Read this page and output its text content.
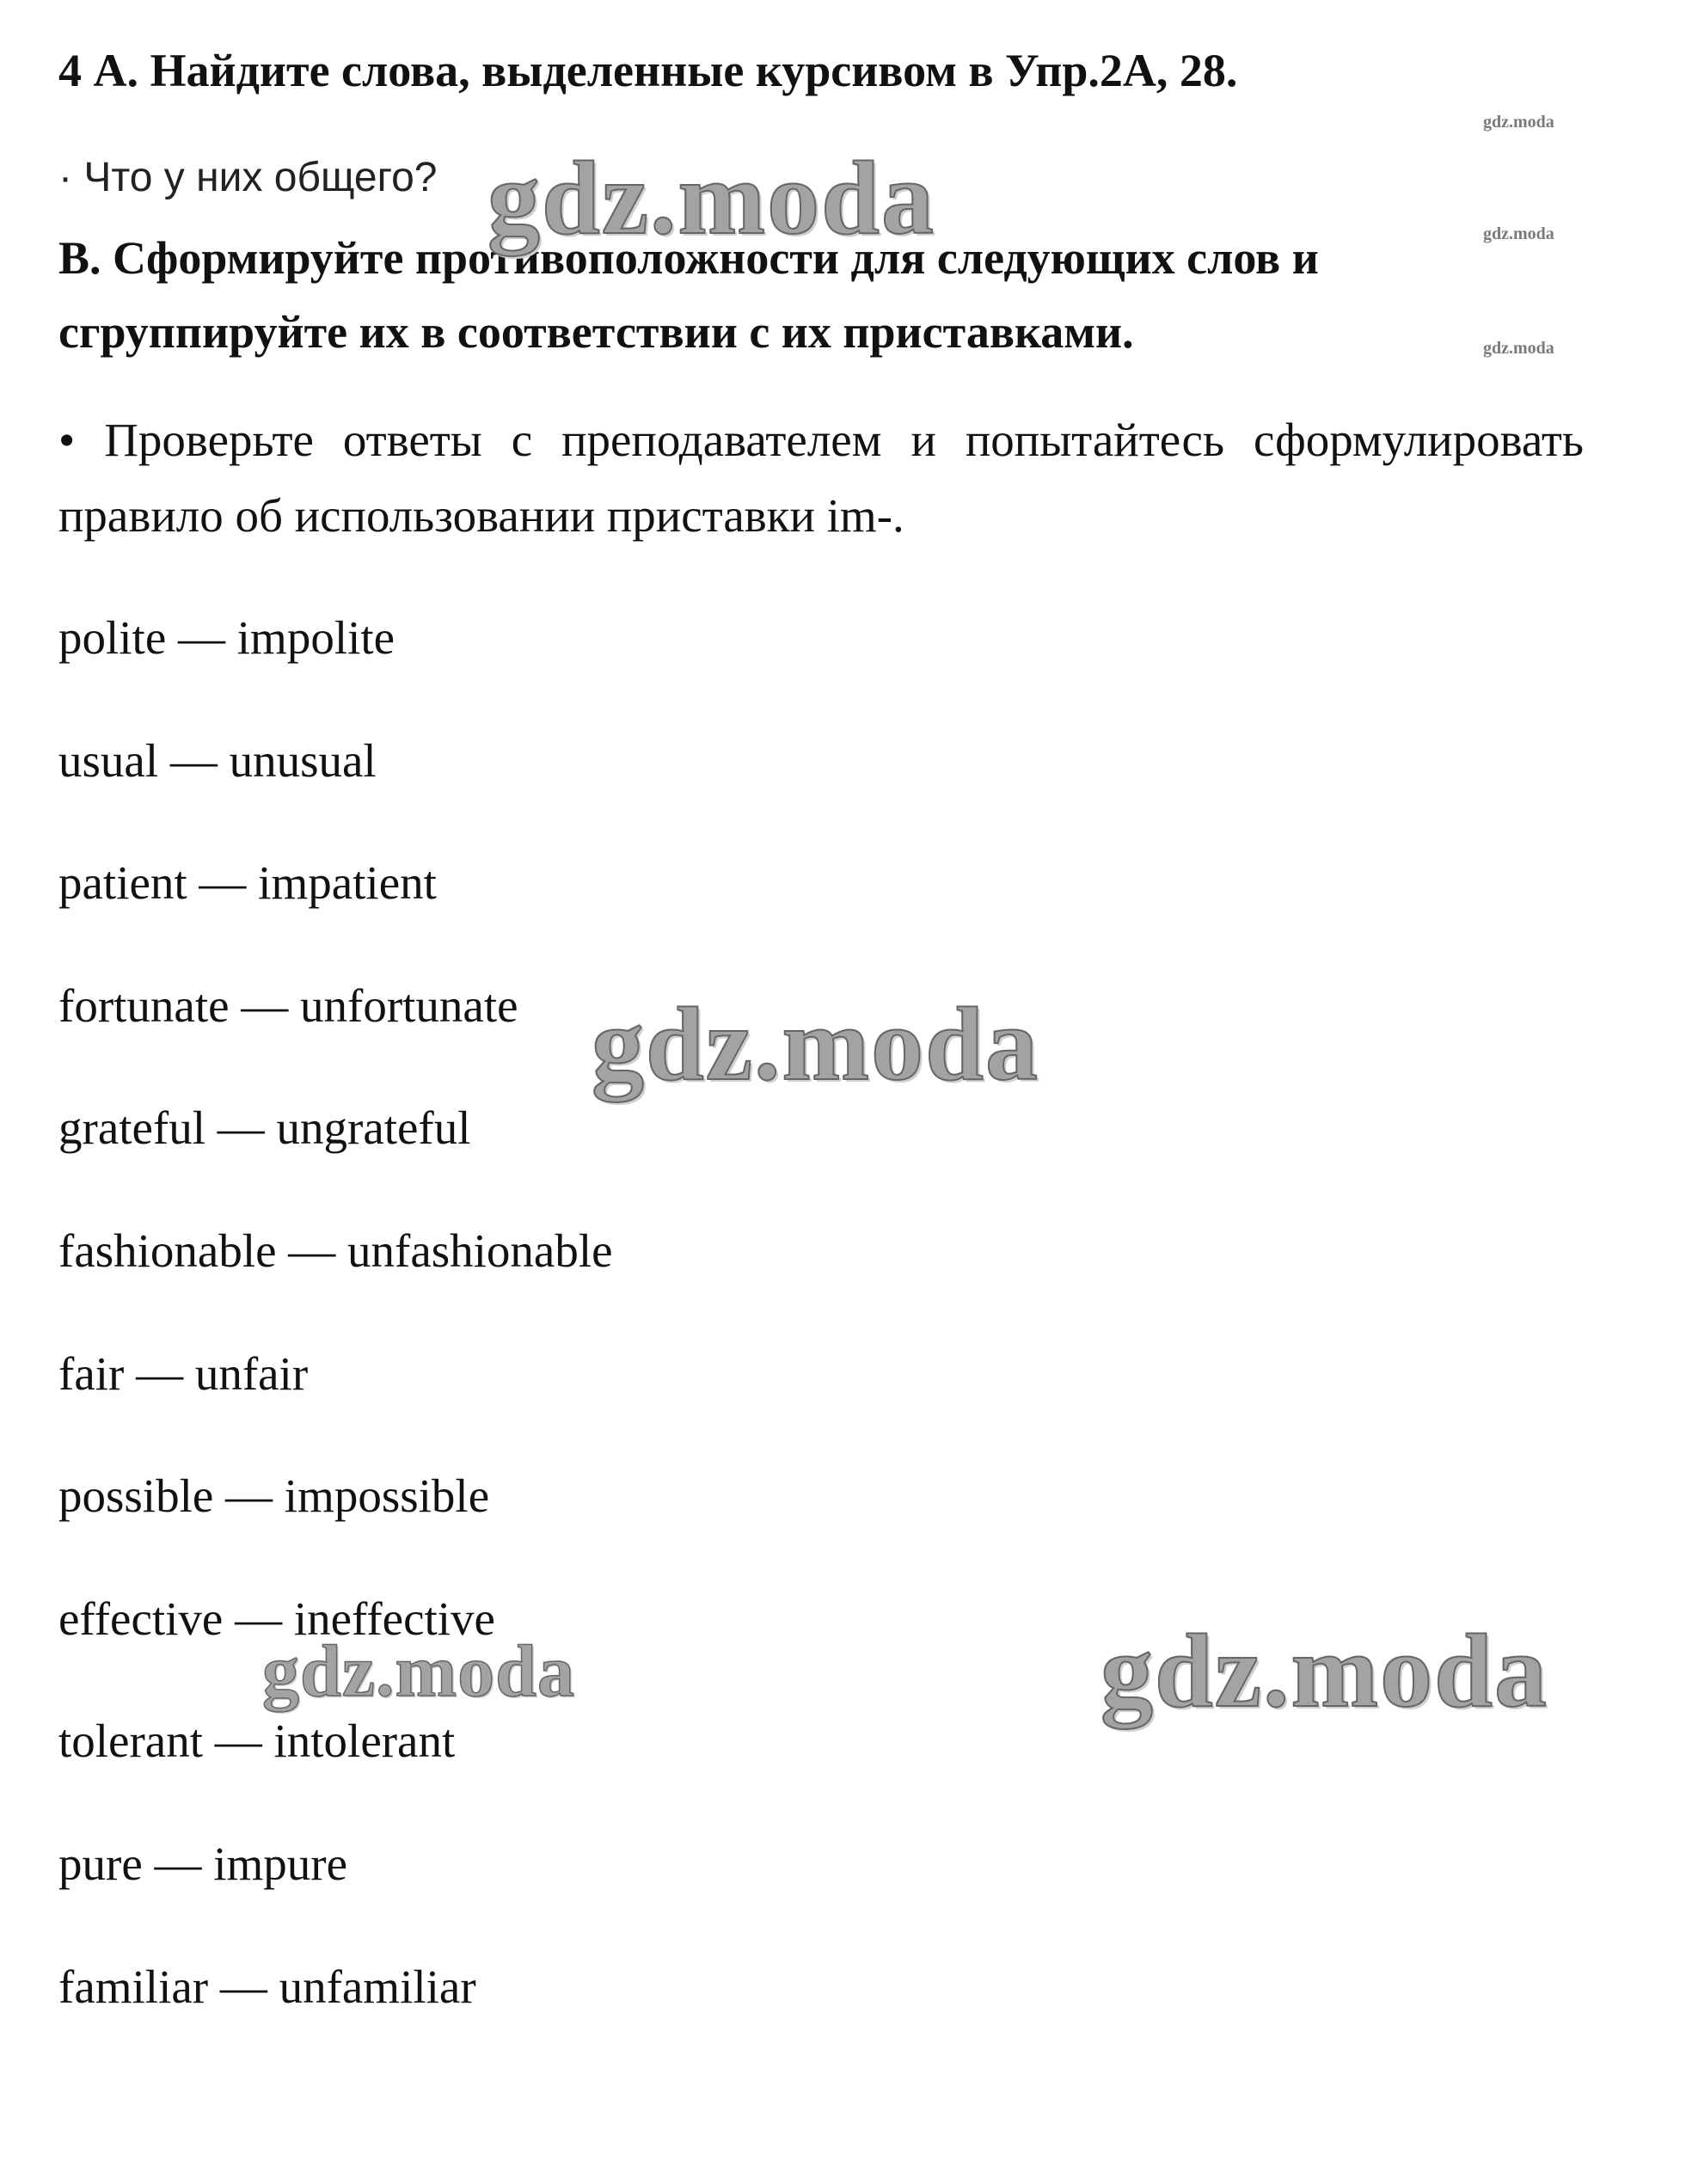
4 А. Найдите слова, выделенные курсивом в Упр.2А, 28.
· Что у них общего?
В. Сформируйте противоположности для следующих слов и
сгруппируйте их в соответствии с их приставками.
• Проверьте ответы с преподавателем и попытайтесь сформулировать
правило об использовании приставки im-.
polite — impolite
usual — unusual
patient — impatient
fortunate — unfortunate
grateful — ungrateful
fashionable — unfashionable
fair — unfair
possible — impossible
effective — ineffective
tolerant — intolerant
pure — impure
familiar — unfamiliar
gdz.moda
gdz.moda
gdz.moda
gdz.moda
gdz.moda
gdz.moda	gdz.moda
